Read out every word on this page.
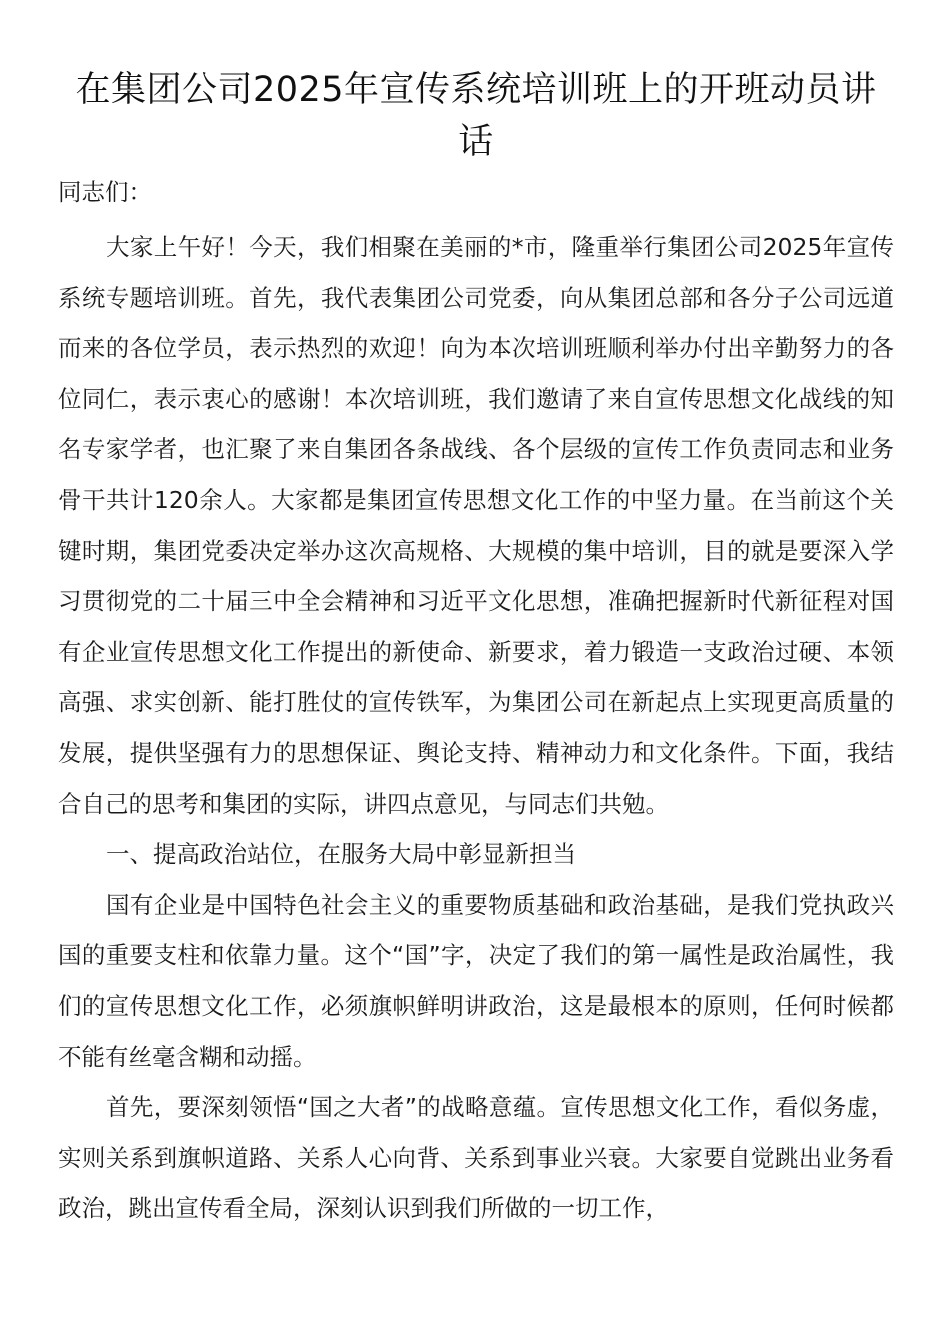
在集团公司2025年宣传系统培训班上的开班动员讲话

同志们：

大家上午好！今天，我们相聚在美丽的*市，隆重举行集团公司2025年宣传系统专题培训班。首先，我代表集团公司党委，向从集团总部和各分子公司远道而来的各位学员，表示热烈的欢迎！向为本次培训班顺利举办付出辛勤努力的各位同仁，表示衷心的感谢！本次培训班，我们邀请了来自宣传思想文化战线的知名专家学者，也汇聚了来自集团各条战线、各个层级的宣传工作负责同志和业务骨干共计120余人。大家都是集团宣传思想文化工作的中坚力量。在当前这个关键时期，集团党委决定举办这次高规格、大规模的集中培训，目的就是要深入学习贯彻党的二十届三中全会精神和习近平文化思想，准确把握新时代新征程对国有企业宣传思想文化工作提出的新使命、新要求，着力锻造一支政治过硬、本领高强、求实创新、能打胜仗的宣传铁军，为集团公司在新起点上实现更高质量的发展，提供坚强有力的思想保证、舆论支持、精神动力和文化条件。下面，我结合自己的思考和集团的实际，讲四点意见，与同志们共勉。

一、提高政治站位，在服务大局中彰显新担当

国有企业是中国特色社会主义的重要物质基础和政治基础，是我们党执政兴国的重要支柱和依靠力量。这个“国”字，决定了我们的第一属性是政治属性，我们的宣传思想文化工作，必须旗帜鲜明讲政治，这是最根本的原则，任何时候都不能有丝毫含糊和动摇。

首先，要深刻领悟“国之大者”的战略意蕴。宣传思想文化工作，看似务虚，实则关系到旗帜道路、关系人心向背、关系到事业兴衰。大家要自觉跳出业务看政治，跳出宣传看全局，深刻认识到我们所做的一切工作，
